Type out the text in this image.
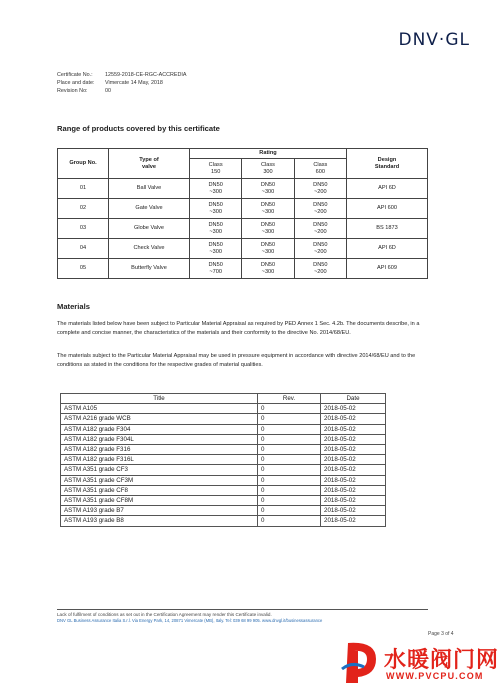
DNV·GL
Certificate No.: 12559-2018-CE-RGC-ACCREDIA
Place and date: Vimercate 14 May, 2018
Revision No:	00
Range of products covered by this certificate
Group No.	Type of valve	Rating			Design Standard

		Class 150	Class 300	Class 600	

01	Ball Valve	DN50 ~300	DN50 ~300	DN50 ~200	API 6D
02	Gate Valve	DN50 ~300	DN50 ~300	DN50 ~200	API 600
03	Globe Valve	DN50 ~300	DN50 ~300	DN50 ~200	BS 1873
04	Check Valve	DN50 ~300	DN50 ~300	DN50 ~200	API 6D
05	Butterfly Valve	DN50 ~700	DN50 ~300	DN50 ~200	API 609
Materials
The materials listed below have been subject to Particular Material Appraisal as required by PED Annex 1 Sec. 4.2b. The documents describe, in a complete and concise manner, the characteristics of the materials and their conformity to the directive No. 2014/68/EU.
The materials subject to the Particular Material Appraisal may be used in pressure equipment in accordance with directive 2014/68/EU and to the conditions as stated in the conditions for the respective grades of material qualities.
Title	Rev.	Date
ASTM A105	0	2018-05-02
ASTM A216 grade WCB	0	2018-05-02
ASTM A182 grade F304	0	2018-05-02
ASTM A182 grade F304L	0	2018-05-02
ASTM A182 grade F316	0	2018-05-02
ASTM A182 grade F316L	0	2018-05-02
ASTM A351 grade CF3	0	2018-05-02
ASTM A351 grade CF3M	0	2018-05-02
ASTM A351 grade CF8	0	2018-05-02
ASTM A351 grade CF8M	0	2018-05-02
ASTM A193 grade B7	0	2018-05-02
ASTM A193 grade B8	0	2018-05-02
Lack of fulfilment of conditions as set out in the Certification Agreement may render this Certificate invalid.
DNV GL Business Assurance Italia S.r.l. Via Energy Park, 14, 20871 Vimercate (MB), Italy. Tel: 039 68 99 905. www.dnvgl.it/businessassurance
Page 3 of 4
水暖阀门网
WWW.PVCPU.COM
